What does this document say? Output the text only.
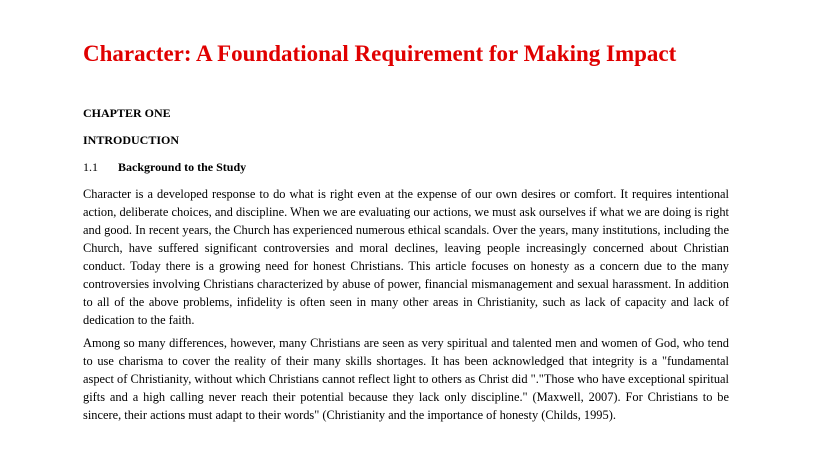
Character: A Foundational Requirement for Making Impact

CHAPTER ONE

INTRODUCTION

1.1 Background to the Study

Character is a developed response to do what is right even at the expense of our own desires or comfort. It requires intentional action, deliberate choices, and discipline. When we are evaluating our actions, we must ask ourselves if what we are doing is right and good. In recent years, the Church has experienced numerous ethical scandals. Over the years, many institutions, including the Church, have suffered significant controversies and moral declines, leaving people increasingly concerned about Christian conduct. Today there is a growing need for honest Christians. This article focuses on honesty as a concern due to the many controversies involving Christians characterized by abuse of power, financial mismanagement and sexual harassment. In addition to all of the above problems, infidelity is often seen in many other areas in Christianity, such as lack of capacity and lack of dedication to the faith.

Among so many differences, however, many Christians are seen as very spiritual and talented men and women of God, who tend to use charisma to cover the reality of their many skills shortages. It has been acknowledged that integrity is a "fundamental aspect of Christianity, without which Christians cannot reflect light to others as Christ did "."Those who have exceptional spiritual gifts and a high calling never reach their potential because they lack only discipline." (Maxwell, 2007). For Christians to be sincere, their actions must adapt to their words" (Christianity and the importance of honesty (Childs, 1995).
